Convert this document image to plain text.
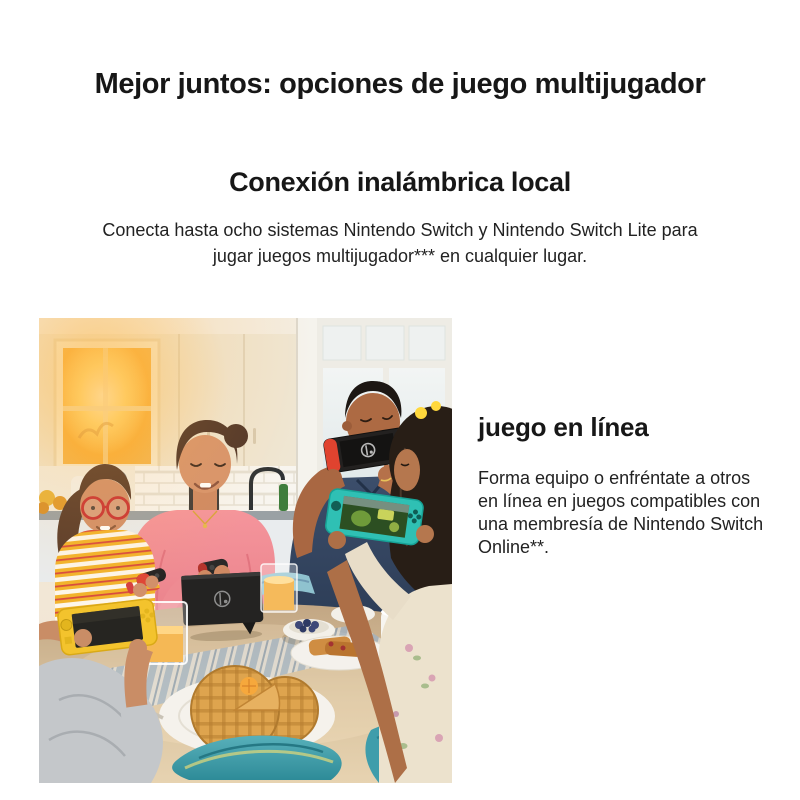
Mejor juntos: opciones de juego multijugador
Conexión inalámbrica local

Conecta hasta ocho sistemas Nintendo Switch y Nintendo Switch Lite para
jugar juegos multijugador*** en cualquier lugar.

juego en línea

Forma equipo o enfréntate a otros
en línea en juegos compatibles con
una membresía de Nintendo Switch
Online**.
